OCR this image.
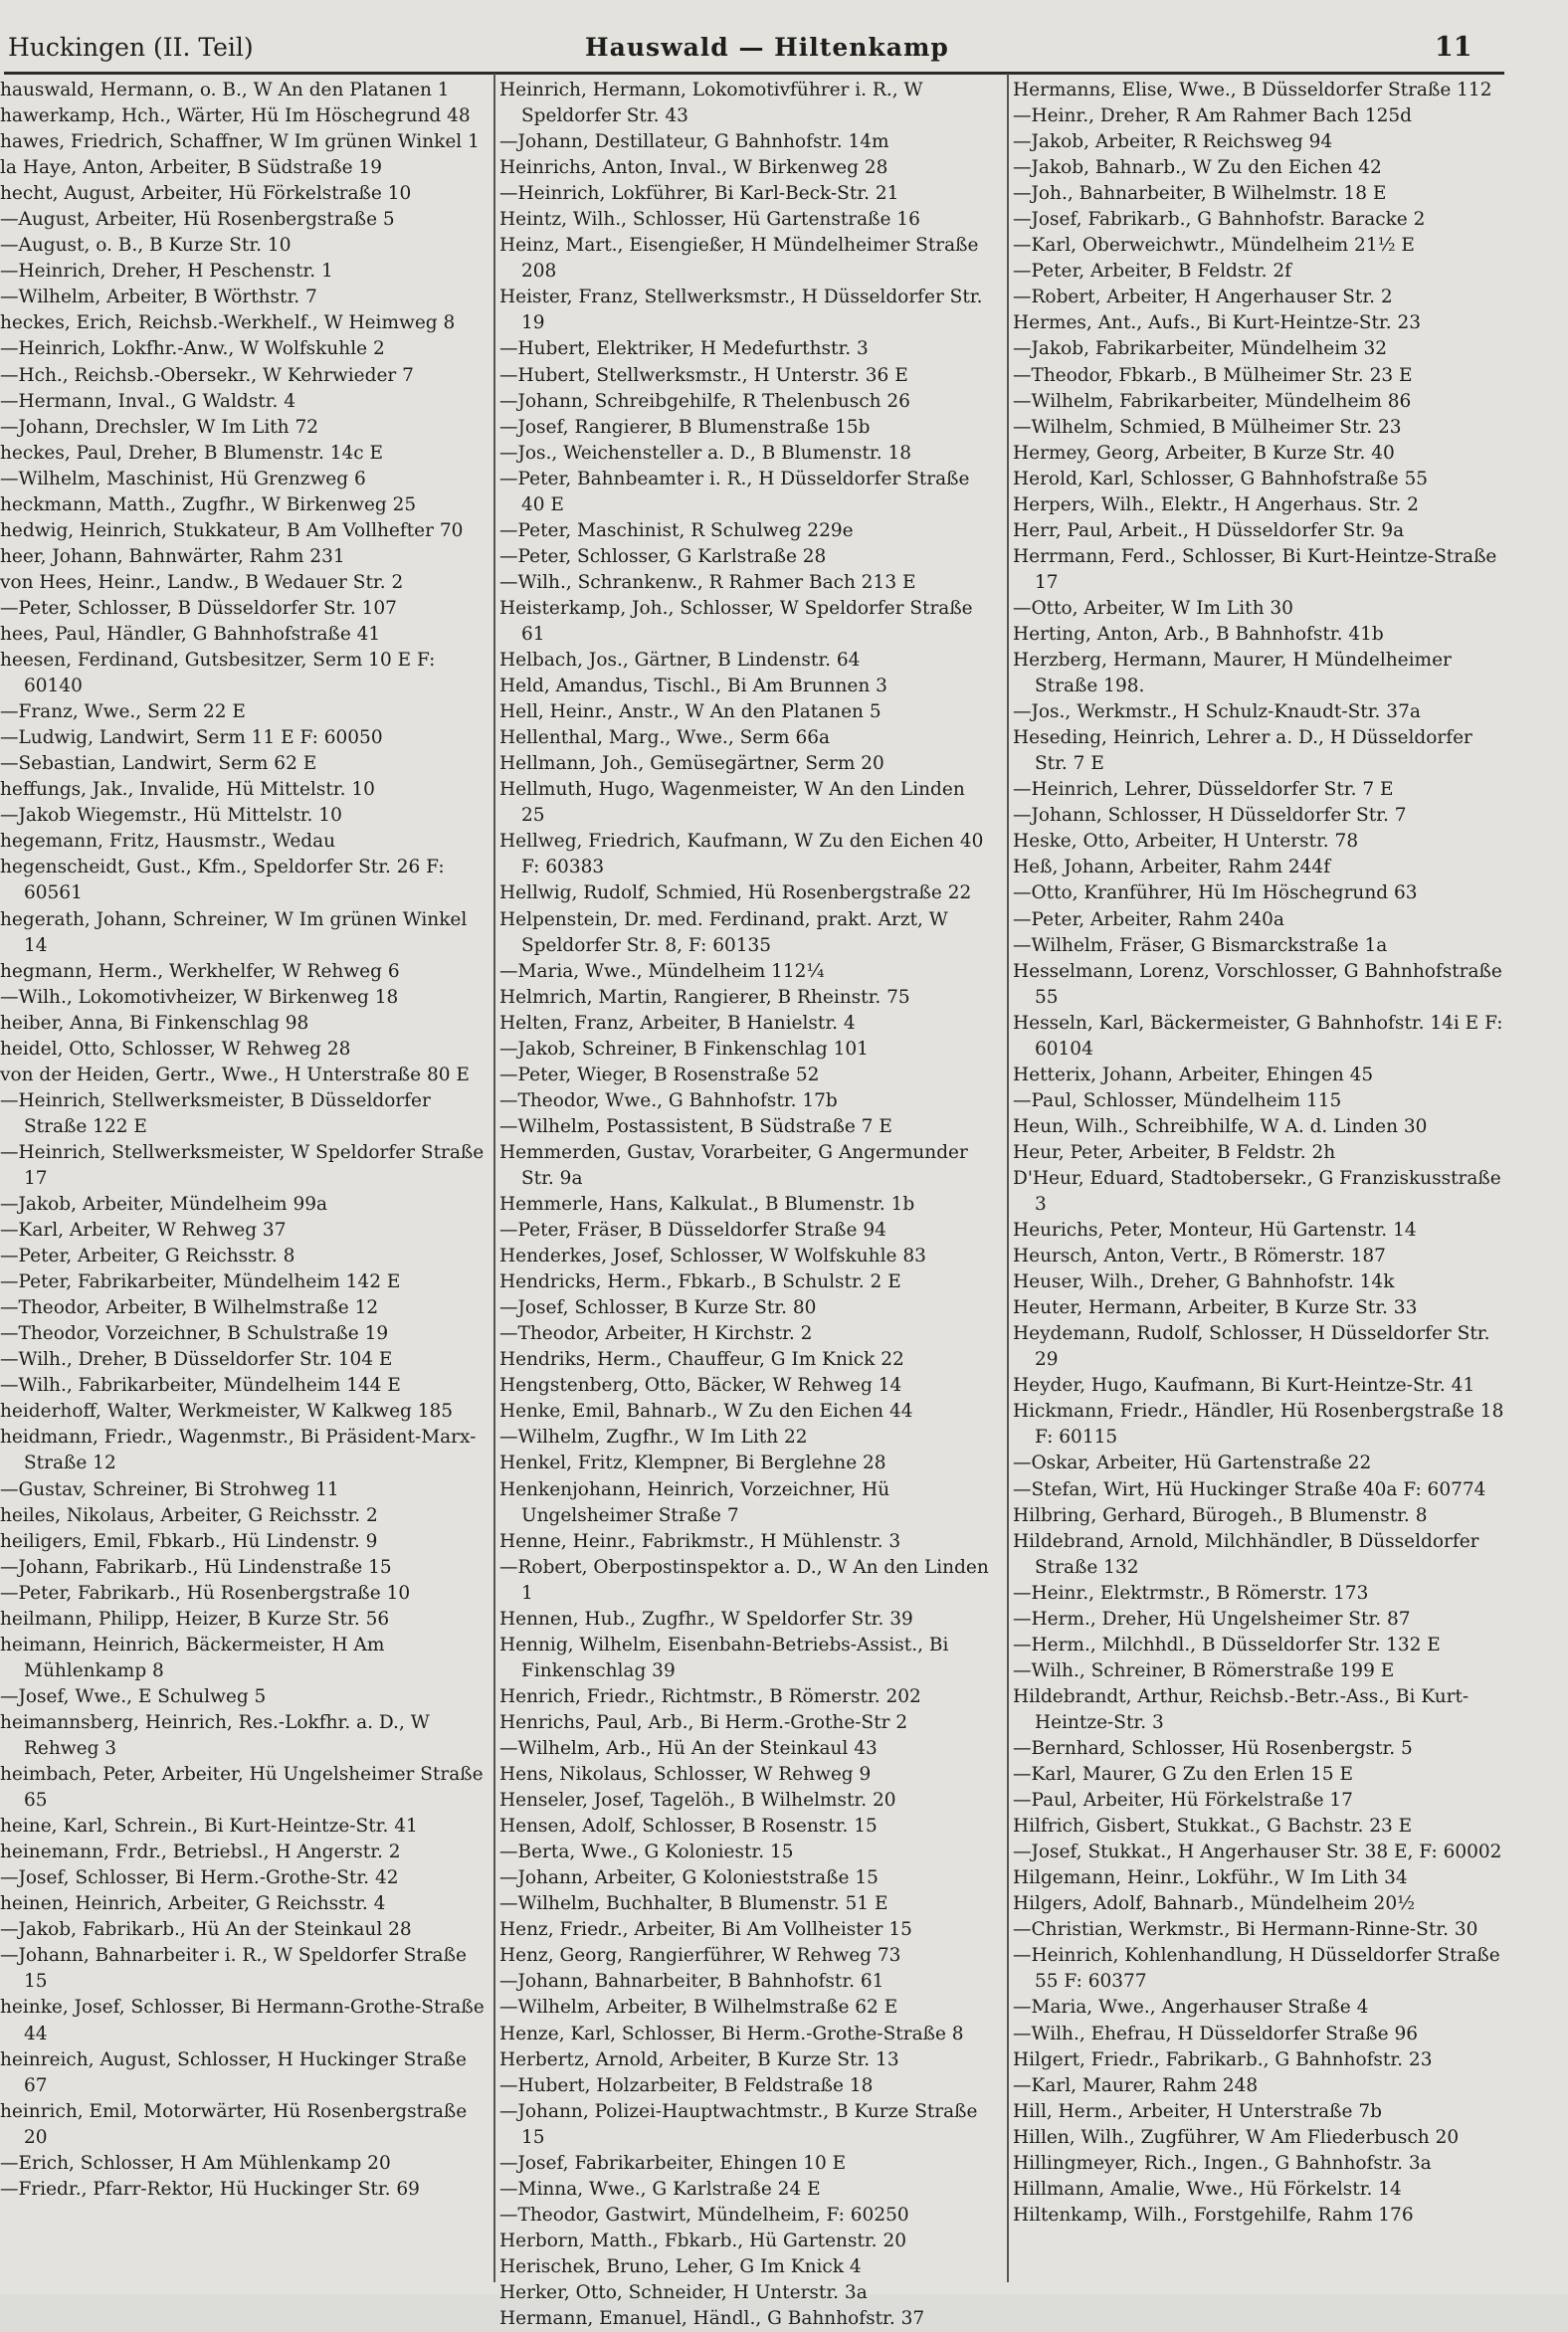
Huckingen (II. Teil)	Hauswald — Hiltenkamp	11
hauswald, Hermann, o. B., W An den Platanen 1
hawerkamp, Hch., Wärter, Hü Im Höschegrund 48
hawes, Friedrich, Schaffner, W Im grünen Winkel 1
la Haye, Anton, Arbeiter, B Südstraße 19
hecht, August, Arbeiter, Hü Förkelstraße 10
—August, Arbeiter, Hü Rosenbergstraße 5
—August, o. B., B Kurze Str. 10
—Heinrich, Dreher, H Peschenstr. 1
—Wilhelm, Arbeiter, B Wörthstr. 7
heckes, Erich, Reichsb.-Werkhelf., W Heimweg 8
—Heinrich, Lokfhr.-Anw., W Wolfskuhle 2
—Hch., Reichsb.-Obersekr., W Kehrwieder 7
—Hermann, Inval., G Waldstr. 4
—Johann, Drechsler, W Im Lith 72
heckes, Paul, Dreher, B Blumenstr. 14c E
—Wilhelm, Maschinist, Hü Grenzweg 6
heckmann, Matth., Zugfhr., W Birkenweg 25
hedwig, Heinrich, Stukkateur, B Am Vollhefter 70
heer, Johann, Bahnwärter, Rahm 231
von Hees, Heinr., Landw., B Wedauer Str. 2
—Peter, Schlosser, B Düsseldorfer Str. 107
hees, Paul, Händler, G Bahnhofstraße 41
heesen, Ferdinand, Gutsbesitzer, Serm 10 E F: 60140
—Franz, Wwe., Serm 22 E
—Ludwig, Landwirt, Serm 11 E F: 60050
—Sebastian, Landwirt, Serm 62 E
heffungs, Jak., Invalide, Hü Mittelstr. 10
—Jakob Wiegemstr., Hü Mittelstr. 10
hegemann, Fritz, Hausmstr., Wedau
hegenscheidt, Gust., Kfm., Speldorfer Str. 26 F: 60561
hegerath, Johann, Schreiner, W Im grünen Winkel 14
hegmann, Herm., Werkhelfer, W Rehweg 6
—Wilh., Lokomotivheizer, W Birkenweg 18
heiber, Anna, Bi Finkenschlag 98
heidel, Otto, Schlosser, W Rehweg 28
von der Heiden, Gertr., Wwe., H Unterstraße 80 E
—Heinrich, Stellwerksmeister, B Düsseldorfer Straße 122 E
—Heinrich, Stellwerksmeister, W Speldorfer Straße 17
—Jakob, Arbeiter, Mündelheim 99a
—Karl, Arbeiter, W Rehweg 37
—Peter, Arbeiter, G Reichsstr. 8
—Peter, Fabrikarbeiter, Mündelheim 142 E
—Theodor, Arbeiter, B Wilhelmstraße 12
—Theodor, Vorzeichner, B Schulstraße 19
—Wilh., Dreher, B Düsseldorfer Str. 104 E
—Wilh., Fabrikarbeiter, Mündelheim 144 E
heiderhoff, Walter, Werkmeister, W Kalkweg 185
heidmann, Friedr., Wagenmstr., Bi Präsident-Marx-Straße 12
—Gustav, Schreiner, Bi Strohweg 11
heiles, Nikolaus, Arbeiter, G Reichsstr. 2
heiligers, Emil, Fbkarb., Hü Lindenstr. 9
—Johann, Fabrikarb., Hü Lindenstraße 15
—Peter, Fabrikarb., Hü Rosenbergstraße 10
heilmann, Philipp, Heizer, B Kurze Str. 56
heimann, Heinrich, Bäckermeister, H Am Mühlenkamp 8
—Josef, Wwe., E Schulweg 5
heimannsberg, Heinrich, Res.-Lokfhr. a. D., W Rehweg 3
heimbach, Peter, Arbeiter, Hü Ungelsheimer Straße 65
heine, Karl, Schrein., Bi Kurt-Heintze-Str. 41
heinemann, Frdr., Betriebsl., H Angerstr. 2
—Josef, Schlosser, Bi Herm.-Grothe-Str. 42
heinen, Heinrich, Arbeiter, G Reichsstr. 4
—Jakob, Fabrikarb., Hü An der Steinkaul 28
—Johann, Bahnarbeiter i. R., W Speldorfer Straße 15
heinke, Josef, Schlosser, Bi Hermann-Grothe-Straße 44
heinreich, August, Schlosser, H Huckinger Straße 67
heinrich, Emil, Motorwärter, Hü Rosenbergstraße 20
—Erich, Schlosser, H Am Mühlenkamp 20
—Friedr., Pfarr-Rektor, Hü Huckinger Str. 69
Heinrich, Hermann, Lokomotivführer i. R., W Speldorfer Str. 43
—Johann, Destillateur, G Bahnhofstr. 14m
Heinrichs, Anton, Inval., W Birkenweg 28
—Heinrich, Lokführer, Bi Karl-Beck-Str. 21
Heintz, Wilh., Schlosser, Hü Gartenstraße 16
Heinz, Mart., Eisengießer, H Mündelheimer Straße 208
Heister, Franz, Stellwerksmstr., H Düsseldorfer Str. 19
—Hubert, Elektriker, H Medefurthstr. 3
—Hubert, Stellwerksmstr., H Unterstr. 36 E
—Johann, Schreibgehilfe, R Thelenbusch 26
—Josef, Rangierer, B Blumenstraße 15b
—Jos., Weichensteller a. D., B Blumenstr. 18
—Peter, Bahnbeamter i. R., H Düsseldorfer Straße 40 E
—Peter, Maschinist, R Schulweg 229e
—Peter, Schlosser, G Karlstraße 28
—Wilh., Schrankenw., R Rahmer Bach 213 E
Heisterkamp, Joh., Schlosser, W Speldorfer Straße 61
Helbach, Jos., Gärtner, B Lindenstr. 64
Held, Amandus, Tischl., Bi Am Brunnen 3
Hell, Heinr., Anstr., W An den Platanen 5
Hellenthal, Marg., Wwe., Serm 66a
Hellmann, Joh., Gemüsegärtner, Serm 20
Hellmuth, Hugo, Wagenmeister, W An den Linden 25
Hellweg, Friedrich, Kaufmann, W Zu den Eichen 40 F: 60383
Hellwig, Rudolf, Schmied, Hü Rosenbergstraße 22
Helpenstein, Dr. med. Ferdinand, prakt. Arzt, W Speldorfer Str. 8, F: 60135
—Maria, Wwe., Mündelheim 112¼
Helmrich, Martin, Rangierer, B Rheinstr. 75
Helten, Franz, Arbeiter, B Hanielstr. 4
—Jakob, Schreiner, B Finkenschlag 101
—Peter, Wieger, B Rosenstraße 52
—Theodor, Wwe., G Bahnhofstr. 17b
—Wilhelm, Postassistent, B Südstraße 7 E
Hemmerden, Gustav, Vorarbeiter, G Angermunder Str. 9a
Hemmerle, Hans, Kalkulat., B Blumenstr. 1b
—Peter, Fräser, B Düsseldorfer Straße 94
Henderkes, Josef, Schlosser, W Wolfskuhle 83
Hendricks, Herm., Fbkarb., B Schulstr. 2 E
—Josef, Schlosser, B Kurze Str. 80
—Theodor, Arbeiter, H Kirchstr. 2
Hendriks, Herm., Chauffeur, G Im Knick 22
Hengstenberg, Otto, Bäcker, W Rehweg 14
Henke, Emil, Bahnarb., W Zu den Eichen 44
—Wilhelm, Zugfhr., W Im Lith 22
Henkel, Fritz, Klempner, Bi Berglehne 28
Henkenjohann, Heinrich, Vorzeichner, Hü Ungelsheimer Straße 7
Henne, Heinr., Fabrikmstr., H Mühlenstr. 3
—Robert, Oberpostinspektor a. D., W An den Linden 1
Hennen, Hub., Zugfhr., W Speldorfer Str. 39
Hennig, Wilhelm, Eisenbahn-Betriebs-Assist., Bi Finkenschlag 39
Henrich, Friedr., Richtmstr., B Römerstr. 202
Henrichs, Paul, Arb., Bi Herm.-Grothe-Str 2
—Wilhelm, Arb., Hü An der Steinkaul 43
Hens, Nikolaus, Schlosser, W Rehweg 9
Henseler, Josef, Tagelöh., B Wilhelmstr. 20
Hensen, Adolf, Schlosser, B Rosenstr. 15
—Berta, Wwe., G Koloniestr. 15
—Johann, Arbeiter, G Kolonieststraße 15
—Wilhelm, Buchhalter, B Blumenstr. 51 E
Henz, Friedr., Arbeiter, Bi Am Vollheister 15
Henz, Georg, Rangierführer, W Rehweg 73
—Johann, Bahnarbeiter, B Bahnhofstr. 61
—Wilhelm, Arbeiter, B Wilhelmstraße 62 E
Henze, Karl, Schlosser, Bi Herm.-Grothe-Straße 8
Herbertz, Arnold, Arbeiter, B Kurze Str. 13
—Hubert, Holzarbeiter, B Feldstraße 18
—Johann, Polizei-Hauptwachtmstr., B Kurze Straße 15
—Josef, Fabrikarbeiter, Ehingen 10 E
—Minna, Wwe., G Karlstraße 24 E
—Theodor, Gastwirt, Mündelheim, F: 60250
Herborn, Matth., Fbkarb., Hü Gartenstr. 20
Herischek, Bruno, Leher, G Im Knick 4
Herker, Otto, Schneider, H Unterstr. 3a
Hermann, Emanuel, Händl., G Bahnhofstr. 37
Hermanns, Elise, Wwe., B Düsseldorfer Straße 112
—Heinr., Dreher, R Am Rahmer Bach 125d
—Jakob, Arbeiter, R Reichsweg 94
—Jakob, Bahnarb., W Zu den Eichen 42
—Joh., Bahnarbeiter, B Wilhelmstr. 18 E
—Josef, Fabrikarb., G Bahnhofstr. Baracke 2
—Karl, Oberweichwtr., Mündelheim 21½ E
—Peter, Arbeiter, B Feldstr. 2f
—Robert, Arbeiter, H Angerhauser Str. 2
Hermes, Ant., Aufs., Bi Kurt-Heintze-Str. 23
—Jakob, Fabrikarbeiter, Mündelheim 32
—Theodor, Fbkarb., B Mülheimer Str. 23 E
—Wilhelm, Fabrikarbeiter, Mündelheim 86
—Wilhelm, Schmied, B Mülheimer Str. 23
Hermey, Georg, Arbeiter, B Kurze Str. 40
Herold, Karl, Schlosser, G Bahnhofstraße 55
Herpers, Wilh., Elektr., H Angerhaus. Str. 2
Herr, Paul, Arbeit., H Düsseldorfer Str. 9a
Herrmann, Ferd., Schlosser, Bi Kurt-Heintze-Straße 17
—Otto, Arbeiter, W Im Lith 30
Herting, Anton, Arb., B Bahnhofstr. 41b
Herzberg, Hermann, Maurer, H Mündelheimer Straße 198.
—Jos., Werkmstr., H Schulz-Knaudt-Str. 37a
Heseding, Heinrich, Lehrer a. D., H Düsseldorfer Str. 7 E
—Heinrich, Lehrer, Düsseldorfer Str. 7 E
—Johann, Schlosser, H Düsseldorfer Str. 7
Heske, Otto, Arbeiter, H Unterstr. 78
Heß, Johann, Arbeiter, Rahm 244f
—Otto, Kranführer, Hü Im Höschegrund 63
—Peter, Arbeiter, Rahm 240a
—Wilhelm, Fräser, G Bismarckstraße 1a
Hesselmann, Lorenz, Vorschlosser, G Bahnhofstraße 55
Hesseln, Karl, Bäckermeister, G Bahnhofstr. 14i E F: 60104
Hetterix, Johann, Arbeiter, Ehingen 45
—Paul, Schlosser, Mündelheim 115
Heun, Wilh., Schreibhilfe, W A. d. Linden 30
Heur, Peter, Arbeiter, B Feldstr. 2h
D'Heur, Eduard, Stadtobersekr., G Franziskusstraße 3
Heurichs, Peter, Monteur, Hü Gartenstr. 14
Heursch, Anton, Vertr., B Römerstr. 187
Heuser, Wilh., Dreher, G Bahnhofstr. 14k
Heuter, Hermann, Arbeiter, B Kurze Str. 33
Heydemann, Rudolf, Schlosser, H Düsseldorfer Str. 29
Heyder, Hugo, Kaufmann, Bi Kurt-Heintze-Str. 41
Hickmann, Friedr., Händler, Hü Rosenbergstraße 18 F: 60115
—Oskar, Arbeiter, Hü Gartenstraße 22
—Stefan, Wirt, Hü Huckinger Straße 40a F: 60774
Hilbring, Gerhard, Bürogeh., B Blumenstr. 8
Hildebrand, Arnold, Milchhändler, B Düsseldorfer Straße 132
—Heinr., Elektrmstr., B Römerstr. 173
—Herm., Dreher, Hü Ungelsheimer Str. 87
—Herm., Milchhdl., B Düsseldorfer Str. 132 E
—Wilh., Schreiner, B Römerstraße 199 E
Hildebrandt, Arthur, Reichsb.-Betr.-Ass., Bi Kurt-Heintze-Str. 3
—Bernhard, Schlosser, Hü Rosenbergstr. 5
—Karl, Maurer, G Zu den Erlen 15 E
—Paul, Arbeiter, Hü Förkelstraße 17
Hilfrich, Gisbert, Stukkat., G Bachstr. 23 E
—Josef, Stukkat., H Angerhauser Str. 38 E, F: 60002
Hilgemann, Heinr., Lokführ., W Im Lith 34
Hilgers, Adolf, Bahnarb., Mündelheim 20½
—Christian, Werkmstr., Bi Hermann-Rinne-Str. 30
—Heinrich, Kohlenhandlung, H Düsseldorfer Straße 55 F: 60377
—Maria, Wwe., Angerhauser Straße 4
—Wilh., Ehefrau, H Düsseldorfer Straße 96
Hilgert, Friedr., Fabrikarb., G Bahnhofstr. 23
—Karl, Maurer, Rahm 248
Hill, Herm., Arbeiter, H Unterstraße 7b
Hillen, Wilh., Zugführer, W Am Fliederbusch 20
Hillingmeyer, Rich., Ingen., G Bahnhofstr. 3a
Hillmann, Amalie, Wwe., Hü Förkelstr. 14
Hiltenkamp, Wilh., Forstgehilfe, Rahm 176
